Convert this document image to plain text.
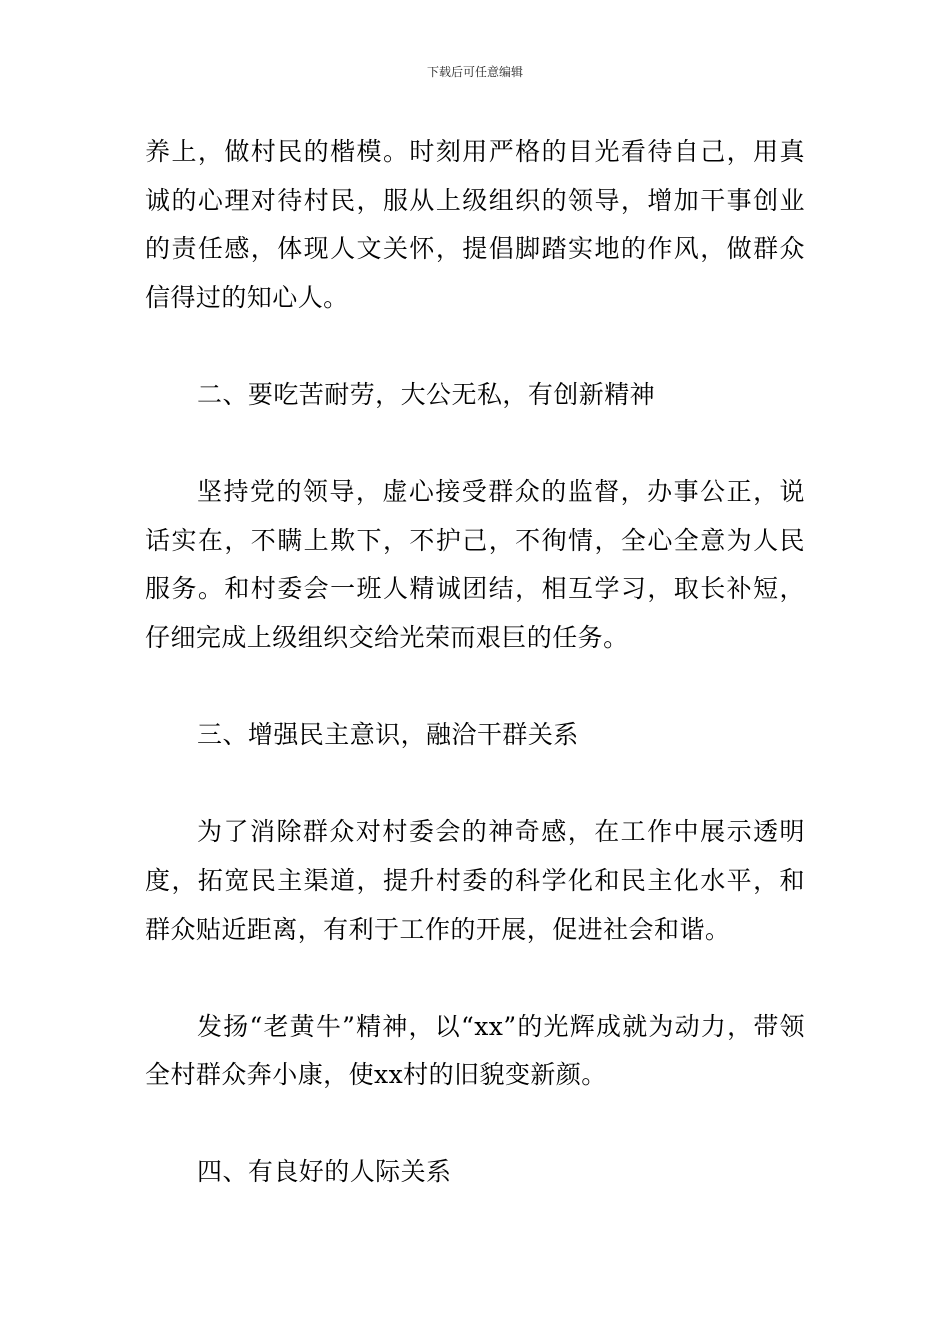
下载后可任意编辑

养上，做村民的楷模。时刻用严格的目光看待自己，用真诚的心理对待村民，服从上级组织的领导，增加干事创业的责任感，体现人文关怀，提倡脚踏实地的作风，做群众信得过的知心人。

二、要吃苦耐劳，大公无私，有创新精神

坚持党的领导，虚心接受群众的监督，办事公正，说话实在，不瞒上欺下，不护己，不徇情，全心全意为人民服务。和村委会一班人精诚团结，相互学习，取长补短，仔细完成上级组织交给光荣而艰巨的任务。

三、增强民主意识，融洽干群关系

为了消除群众对村委会的神奇感，在工作中展示透明度，拓宽民主渠道，提升村委的科学化和民主化水平，和群众贴近距离，有利于工作的开展，促进社会和谐。

发扬“老黄牛”精神，以“xx”的光辉成就为动力，带领全村群众奔小康，使xx村的旧貌变新颜。

四、有良好的人际关系
